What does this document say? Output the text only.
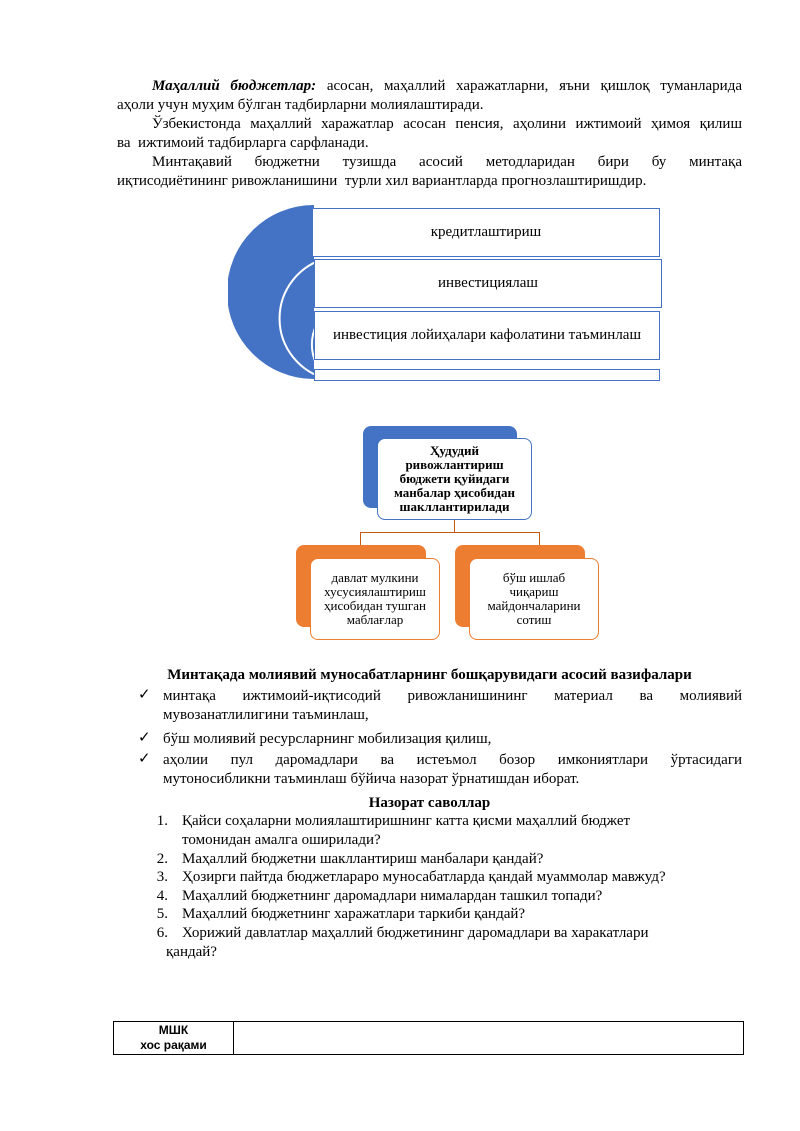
Маҳаллий бюджетлар: асосан, маҳаллий харажатларни, яъни қишлоқ туманларида
аҳоли учун муҳим бўлган тадбирларни молиялаштиради.
Ўзбекистонда маҳаллий харажатлар асосан пенсия, аҳолини ижтимоий ҳимоя қилиш
ва  ижтимоий тадбирларга сарфланади.
Минтақавий бюджетни тузишда асосий методларидан бири бу минтақа
иқтисодиётининг ривожланишини  турли хил вариантларда прогнозлаштиришдир.
кредитлаштириш
инвестициялаш
инвестиция лойиҳалари кафолатини таъминлаш
Ҳудудий
ривожлантириш
бюджети қуйидаги
манбалар ҳисобидан
шакллантирилади
давлат мулкини
хусусиялаштириш
ҳисобидан тушган
маблағлар
бўш ишлаб
чиқариш
майдончаларини
сотиш
Минтақада молиявий муносабатларнинг бошқарувидаги асосий вазифалари
✓ минтақа ижтимоий-иқтисодий ривожланишининг материал ва молиявий
мувозанатлилигини таъминлаш,
✓ бўш молиявий ресурсларнинг мобилизация қилиш,
✓ аҳолии пул даромадлари ва истеъмол бозор имкониятлари ўртасидаги
мутоносибликни таъминлаш бўйича назорат ўрнатишдан иборат.
Назорат саволлар
1. Қайси соҳаларни молиялаштиришнинг катта қисми маҳаллий бюджет
томонидан амалга оширилади?
2. Маҳаллий бюджетни шакллантириш манбалари қандай?
3. Ҳозирги пайтда бюджетлараро муносабатларда қандай муаммолар мавжуд?
4. Маҳаллий бюджетнинг даромадлари нималардан ташкил топади?
5. Маҳаллий бюджетнинг харажатлари таркиби қандай?
6. Хорижий давлатлар маҳаллий бюджетининг даромадлари ва харакатлари
қандай?
МШК
хос рақами
